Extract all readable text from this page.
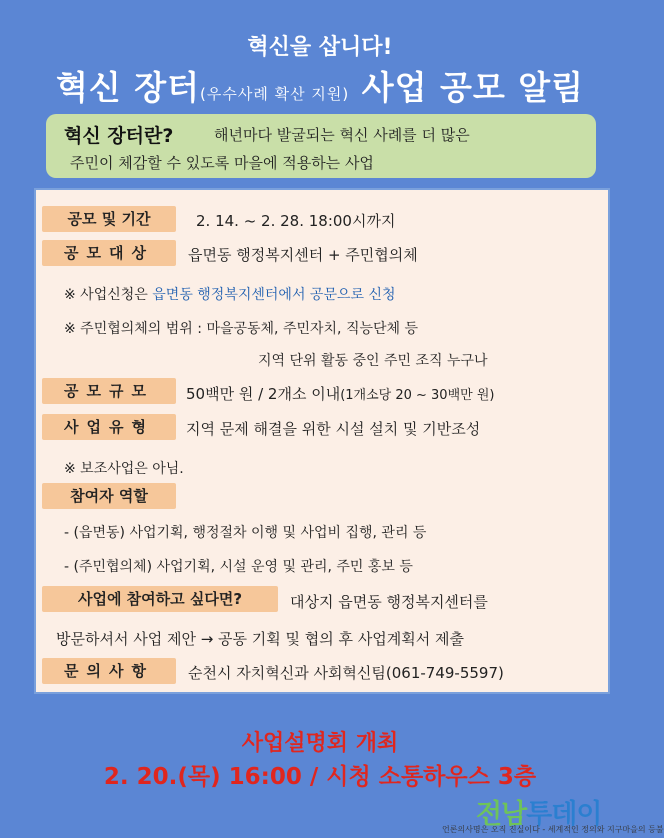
혁신을 삽니다!
혁신 장터(우수사례 확산 지원) 사업 공모 알림
혁신 장터란?	해년마다 발굴되는 혁신 사례를 더 많은
주민이 체감할 수 있도록 마을에 적용하는 사업
공모 및 기간	2. 14. ~ 2. 28. 18:00시까지
공모대상	읍면동 행정복지센터 + 주민협의체
※ 사업신청은 읍면동 행정복지센터에서 공문으로 신청
※ 주민협의체의 범위 : 마을공동체, 주민자치, 직능단체 등
지역 단위 활동 중인 주민 조직 누구나
공모규모	50백만 원 / 2개소 이내(1개소당 20 ~ 30백만 원)
사업유형	지역 문제 해결을 위한 시설 설치 및 기반조성
※ 보조사업은 아님.
참여자 역할
- (읍면동) 사업기획, 행정절차 이행 및 사업비 집행, 관리 등
- (주민협의체) 사업기획, 시설 운영 및 관리, 주민 홍보 등
사업에 참여하고 싶다면?	대상지 읍면동 행정복지센터를
방문하셔서 사업 제안 → 공동 기획 및 협의 후 사업계획서 제출
문의사항	순천시 자치혁신과 사회혁신팀(061-749-5597)
사업설명회 개최
2. 20.(목) 16:00 / 시청 소통하우스 3층
전남투데이
언론의사명은 오직 진실이다 - 세계적인 정의와 지구마을의 등불
